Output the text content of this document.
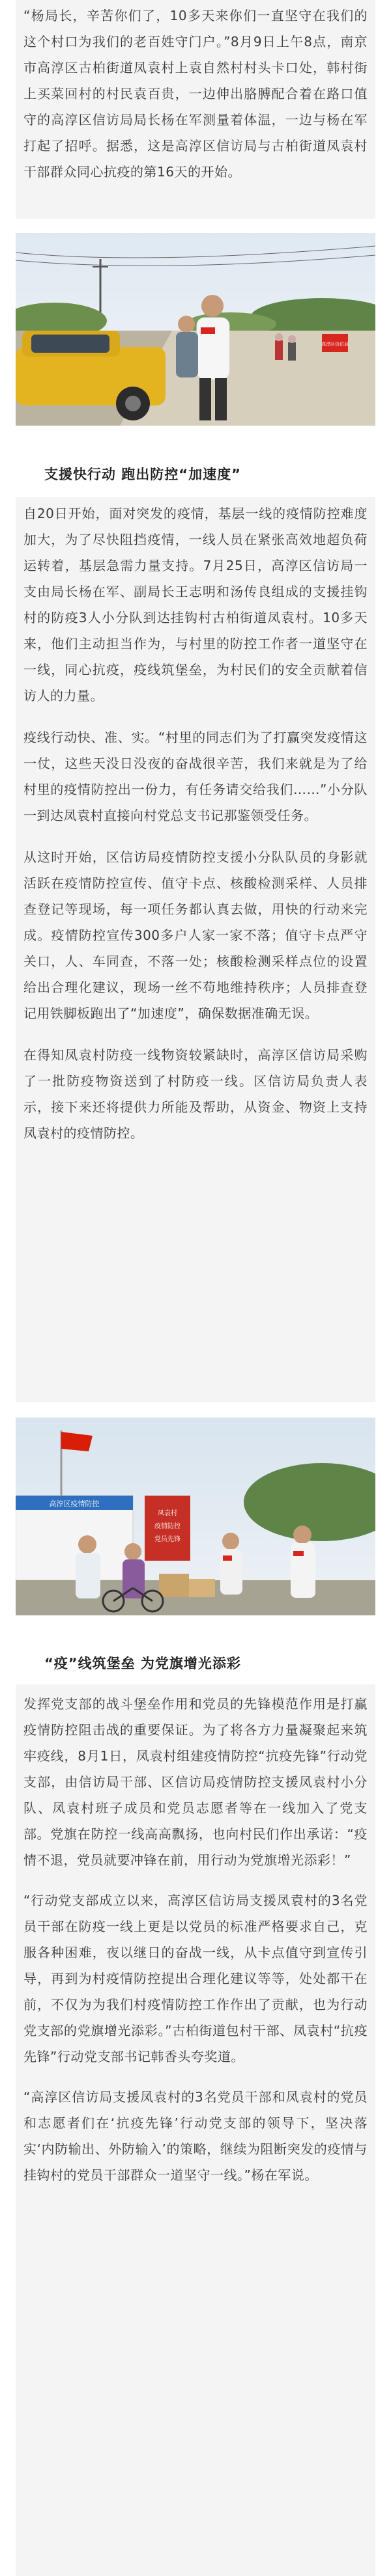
“杨局长，辛苦你们了，10多天来你们一直坚守在我们的这个村口为我们的老百姓守门户。”8月9日上午8点，南京市高淳区古柏街道凤袁村上袁自然村村头卡口处，韩村街上买菜回村的村民袁百贵，一边伸出胳膊配合着在路口值守的高淳区信访局局长杨在军测量着体温，一边与杨在军打起了招呼。据悉，这是高淳区信访局与古柏街道凤袁村干部群众同心抗疫的第16天的开始。

高淳区信访局
支援快行动 跑出防控“加速度”

自20日开始，面对突发的疫情，基层一线的疫情防控难度加大，为了尽快阻挡疫情，一线人员在紧张高效地超负荷运转着，基层急需力量支持。7月25日，高淳区信访局一支由局长杨在军、副局长王志明和汤传良组成的支援挂钩村的防疫3人小分队到达挂钩村古柏街道凤袁村。10多天来，他们主动担当作为，与村里的防控工作者一道坚守在一线，同心抗疫，疫线筑堡垒，为村民们的安全贡献着信访人的力量。

疫线行动快、准、实。“村里的同志们为了打赢突发疫情这一仗，这些天没日没夜的奋战很辛苦，我们来就是为了给村里的疫情防控出一份力，有任务请交给我们……”小分队一到达凤袁村直接向村党总支书记那鉴领受任务。

从这时开始，区信访局疫情防控支援小分队队员的身影就活跃在疫情防控宣传、值守卡点、核酸检测采样、人员排查登记等现场，每一项任务都认真去做，用快的行动来完成。疫情防控宣传300多户人家一家不落；值守卡点严守关口，人、车同查，不落一处；核酸检测采样点位的设置给出合理化建议，现场一丝不苟地维持秩序；人员排查登记用铁脚板跑出了“加速度”，确保数据准确无误。

在得知凤袁村防疫一线物资较紧缺时，高淳区信访局采购了一批防疫物资送到了村防疫一线。区信访局负责人表示，接下来还将提供力所能及帮助，从资金、物资上支持凤袁村的疫情防控。

高淳区疫情防控
凤袁村
疫情防控
党员先锋
“疫”线筑堡垒 为党旗增光添彩

发挥党支部的战斗堡垒作用和党员的先锋模范作用是打赢疫情防控阻击战的重要保证。为了将各方力量凝聚起来筑牢疫线，8月1日，凤袁村组建疫情防控“抗疫先锋”行动党支部，由信访局干部、区信访局疫情防控支援凤袁村小分队、凤袁村班子成员和党员志愿者等在一线加入了党支部。党旗在防控一线高高飘扬，也向村民们作出承诺：“疫情不退，党员就要冲锋在前，用行动为党旗增光添彩！”

“行动党支部成立以来，高淳区信访局支援凤袁村的3名党员干部在防疫一线上更是以党员的标准严格要求自己，克服各种困难，夜以继日的奋战一线，从卡点值守到宣传引导，再到为村疫情防控提出合理化建议等等，处处都干在前，不仅为为我们村疫情防控工作作出了贡献，也为行动党支部的党旗增光添彩。”古柏街道包村干部、凤袁村“抗疫先锋”行动党支部书记韩香头夸奖道。

“高淳区信访局支援凤袁村的3名党员干部和凤袁村的党员和志愿者们在‘抗疫先锋’行动党支部的领导下，坚决落实‘内防输出、外防输入’的策略，继续为阻断突发的疫情与挂钩村的党员干部群众一道坚守一线。”杨在军说。
